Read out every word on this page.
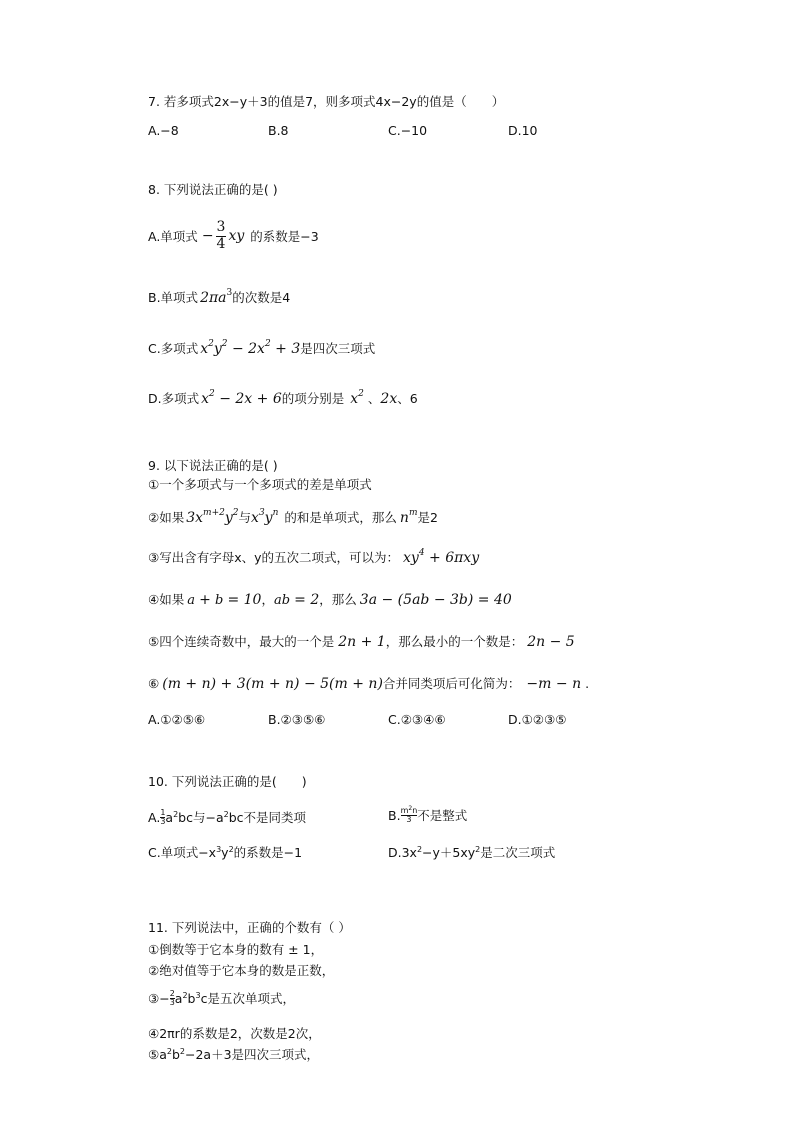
7. 若多项式2x−y＋3的值是7，则多项式4x−2y的值是（　　）
A.−8	B.8	C.−10	D.10
8. 下列说法正确的是( )
A.单项式 − $\frac{3}{4}$ xy 的系数是−3
B.单项式 $2\pi a^3$的次数是4
C.多项式 $x^2y^2 - 2x^2 + 3$是四次三项式
D.多项式 $x^2 - 2x + 6$的项分别是 $x^2$ 、2x、6
9. 以下说法正确的是( )
①一个多项式与一个多项式的差是单项式
②如果 $3x^{m+2}y^2$与$x^3y^n$ 的和是单项式，那么 $n^m$是2
③写出含有字母x、y的五次二项式，可以为： $xy^4 + 6\pi xy$
④如果 a + b = 10，ab = 2，那么 3a − (5ab − 3b) = 40
⑤四个连续奇数中，最大的一个是 2n + 1，那么最小的一个数是： 2n − 5
⑥ (m + n) + 3(m + n) − 5(m + n)合并同类项后可化简为： −m − n .
A.①②⑤⑥	B.②③⑤⑥	C.②③④⑥	D.①②③⑤
10. 下列说法正确的是(　　)
A. $\frac{1}{3} a^2bc$与$-a^2bc$不是同类项	B. $m^2n$
3 不是整式
C.单项式$-x^3y^2$的系数是−1	$D.3x^2-y+5xy^2$是二次三项式
11. 下列说法中，正确的个数有（ ）
①倒数等于它本身的数有 ± 1，
②绝对值等于它本身的数是正数，
③− $\frac{2}{3} a^2b^3$ c是五次单项式，
④2πr的系数是2，次数是2次，
$⑤a^2b^2-2a+3$是四次三项式，
